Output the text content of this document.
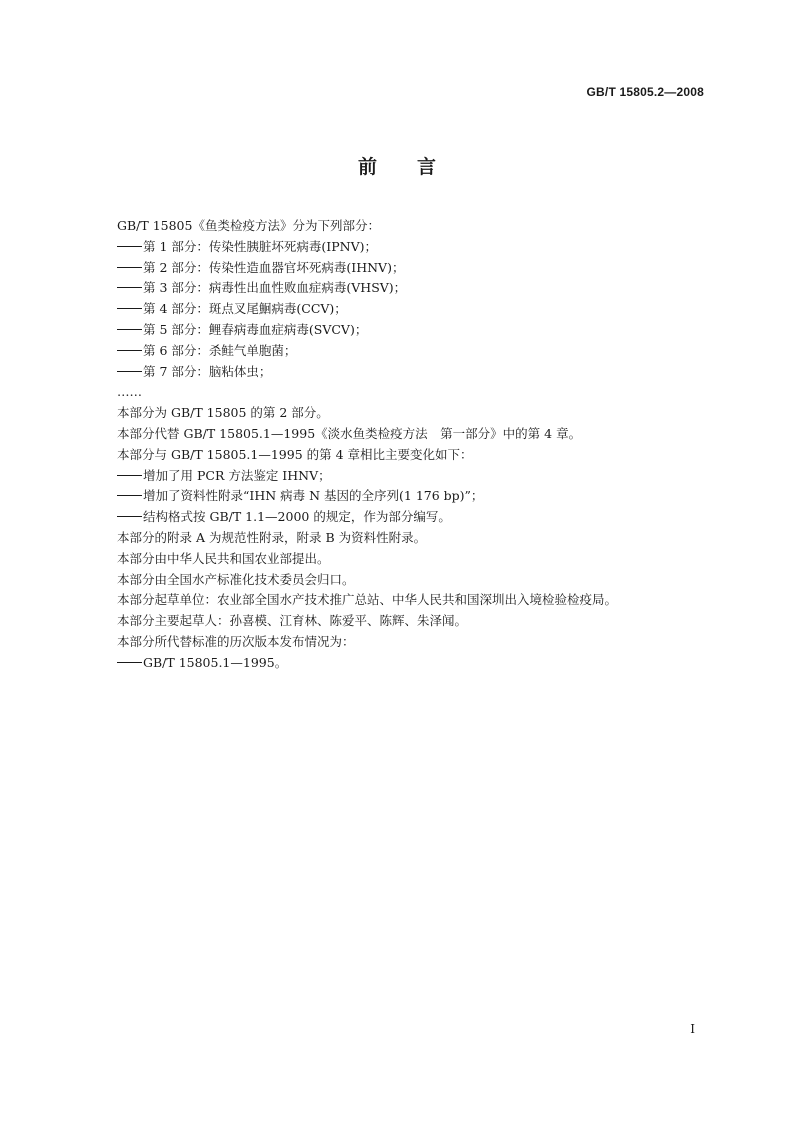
GB/T 15805.2—2008
前言
GB/T 15805《鱼类检疫方法》分为下列部分：
第 1 部分：传染性胰脏坏死病毒(IPNV)；
第 2 部分：传染性造血器官坏死病毒(IHNV)；
第 3 部分：病毒性出血性败血症病毒(VHSV)；
第 4 部分：斑点叉尾鮰病毒(CCV)；
第 5 部分：鲤春病毒血症病毒(SVCV)；
第 6 部分：杀鲑气单胞菌；
第 7 部分：脑粘体虫；
……
本部分为 GB/T 15805 的第 2 部分。
本部分代替 GB/T 15805.1—1995《淡水鱼类检疫方法　第一部分》中的第 4 章。
本部分与 GB/T 15805.1—1995 的第 4 章相比主要变化如下：
增加了用 PCR 方法鉴定 IHNV；
增加了资料性附录“IHN 病毒 N 基因的全序列(1 176 bp)”；
结构格式按 GB/T 1.1—2000 的规定，作为部分编写。
本部分的附录 A 为规范性附录，附录 B 为资料性附录。
本部分由中华人民共和国农业部提出。
本部分由全国水产标准化技术委员会归口。
本部分起草单位：农业部全国水产技术推广总站、中华人民共和国深圳出入境检验检疫局。
本部分主要起草人：孙喜模、江育林、陈爱平、陈辉、朱泽闻。
本部分所代替标准的历次版本发布情况为：
GB/T 15805.1—1995。
I
